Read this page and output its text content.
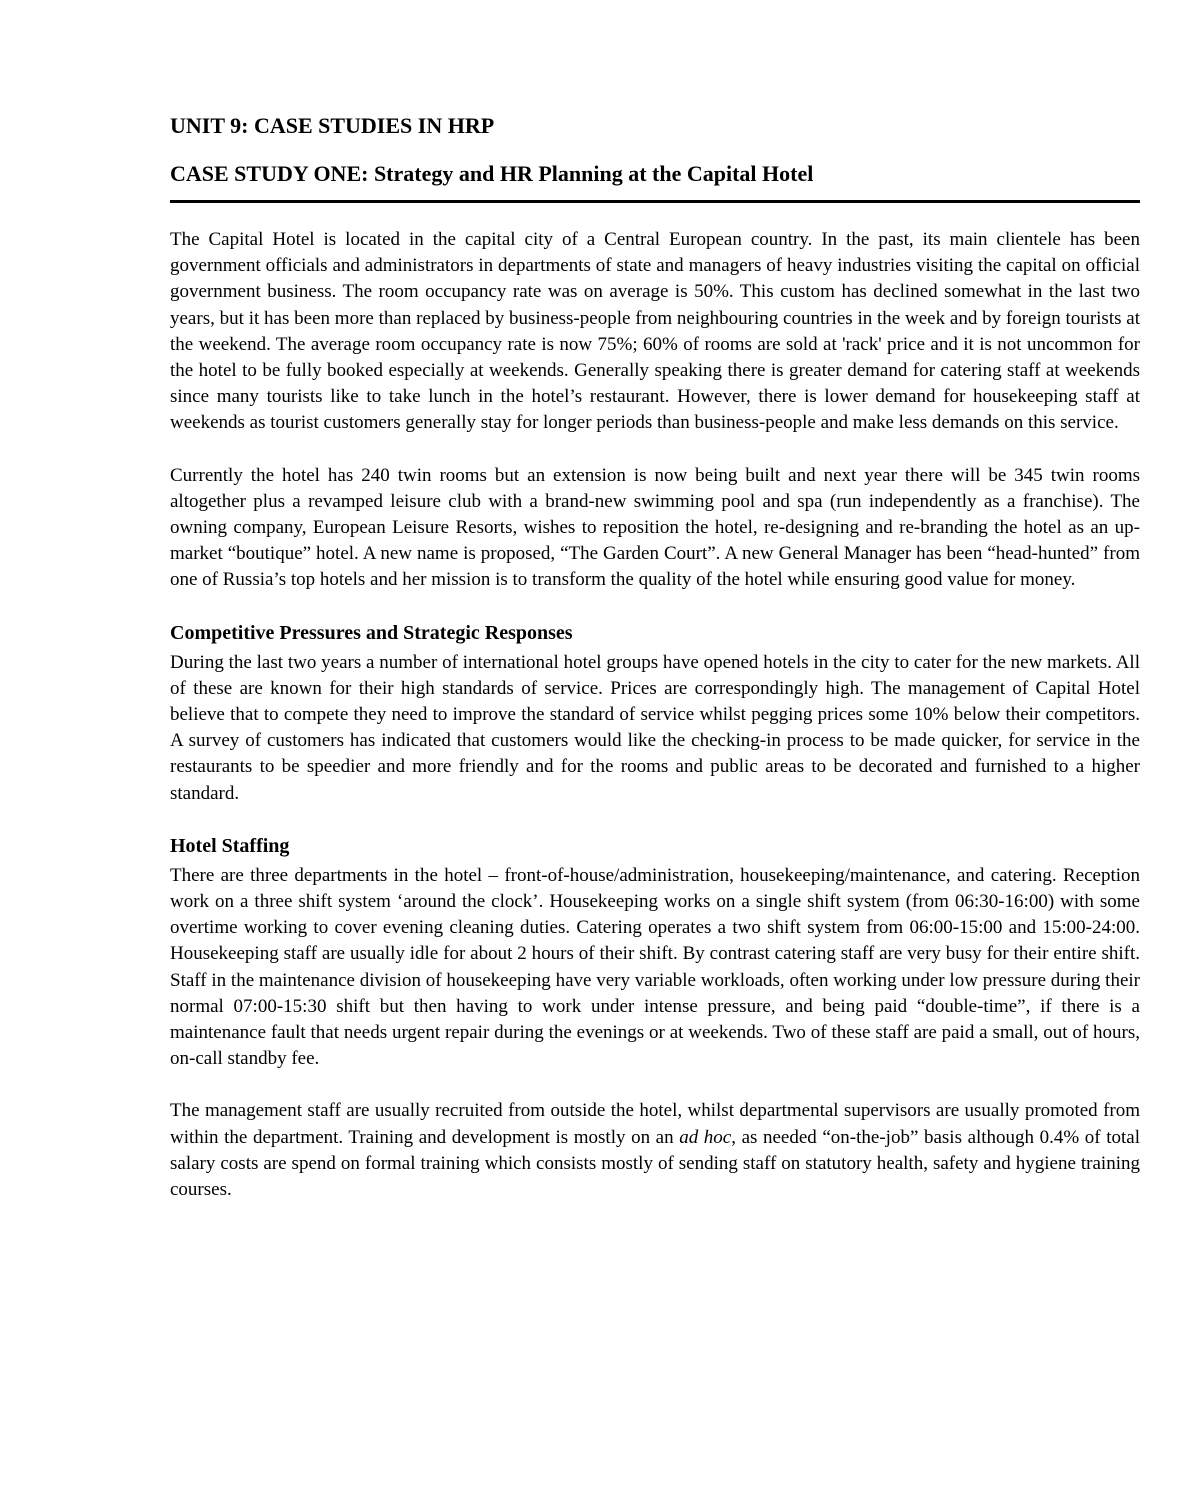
UNIT 9: CASE STUDIES IN HRP
CASE STUDY ONE: Strategy and HR Planning at the Capital Hotel

The Capital Hotel is located in the capital city of a Central European country. In the past, its main clientele has been government officials and administrators in departments of state and managers of heavy industries visiting the capital on official government business. The room occupancy rate was on average is 50%. This custom has declined somewhat in the last two years, but it has been more than replaced by business-people from neighbouring countries in the week and by foreign tourists at the weekend. The average room occupancy rate is now 75%; 60% of rooms are sold at 'rack' price and it is not uncommon for the hotel to be fully booked especially at weekends. Generally speaking there is greater demand for catering staff at weekends since many tourists like to take lunch in the hotel’s restaurant. However, there is lower demand for housekeeping staff at weekends as tourist customers generally stay for longer periods than business-people and make less demands on this service.

Currently the hotel has 240 twin rooms but an extension is now being built and next year there will be 345 twin rooms altogether plus a revamped leisure club with a brand-new swimming pool and spa (run independently as a franchise). The owning company, European Leisure Resorts, wishes to reposition the hotel, re-designing and re-branding the hotel as an up-market “boutique” hotel. A new name is proposed, “The Garden Court”. A new General Manager has been “head-hunted” from one of Russia’s top hotels and her mission is to transform the quality of the hotel while ensuring good value for money.

Competitive Pressures and Strategic Responses

During the last two years a number of international hotel groups have opened hotels in the city to cater for the new markets. All of these are known for their high standards of service. Prices are correspondingly high. The management of Capital Hotel believe that to compete they need to improve the standard of service whilst pegging prices some 10% below their competitors. A survey of customers has indicated that customers would like the checking-in process to be made quicker, for service in the restaurants to be speedier and more friendly and for the rooms and public areas to be decorated and furnished to a higher standard.

Hotel Staffing

There are three departments in the hotel – front-of-house/administration, housekeeping/maintenance, and catering. Reception work on a three shift system ‘around the clock’. Housekeeping works on a single shift system (from 06:30-16:00) with some overtime working to cover evening cleaning duties. Catering operates a two shift system from 06:00-15:00 and 15:00-24:00. Housekeeping staff are usually idle for about 2 hours of their shift. By contrast catering staff are very busy for their entire shift. Staff in the maintenance division of housekeeping have very variable workloads, often working under low pressure during their normal 07:00-15:30 shift but then having to work under intense pressure, and being paid “double-time”, if there is a maintenance fault that needs urgent repair during the evenings or at weekends. Two of these staff are paid a small, out of hours, on-call standby fee.

The management staff are usually recruited from outside the hotel, whilst departmental supervisors are usually promoted from within the department. Training and development is mostly on an ad hoc, as needed “on-the-job” basis although 0.4% of total salary costs are spend on formal training which consists mostly of sending staff on statutory health, safety and hygiene training courses.
